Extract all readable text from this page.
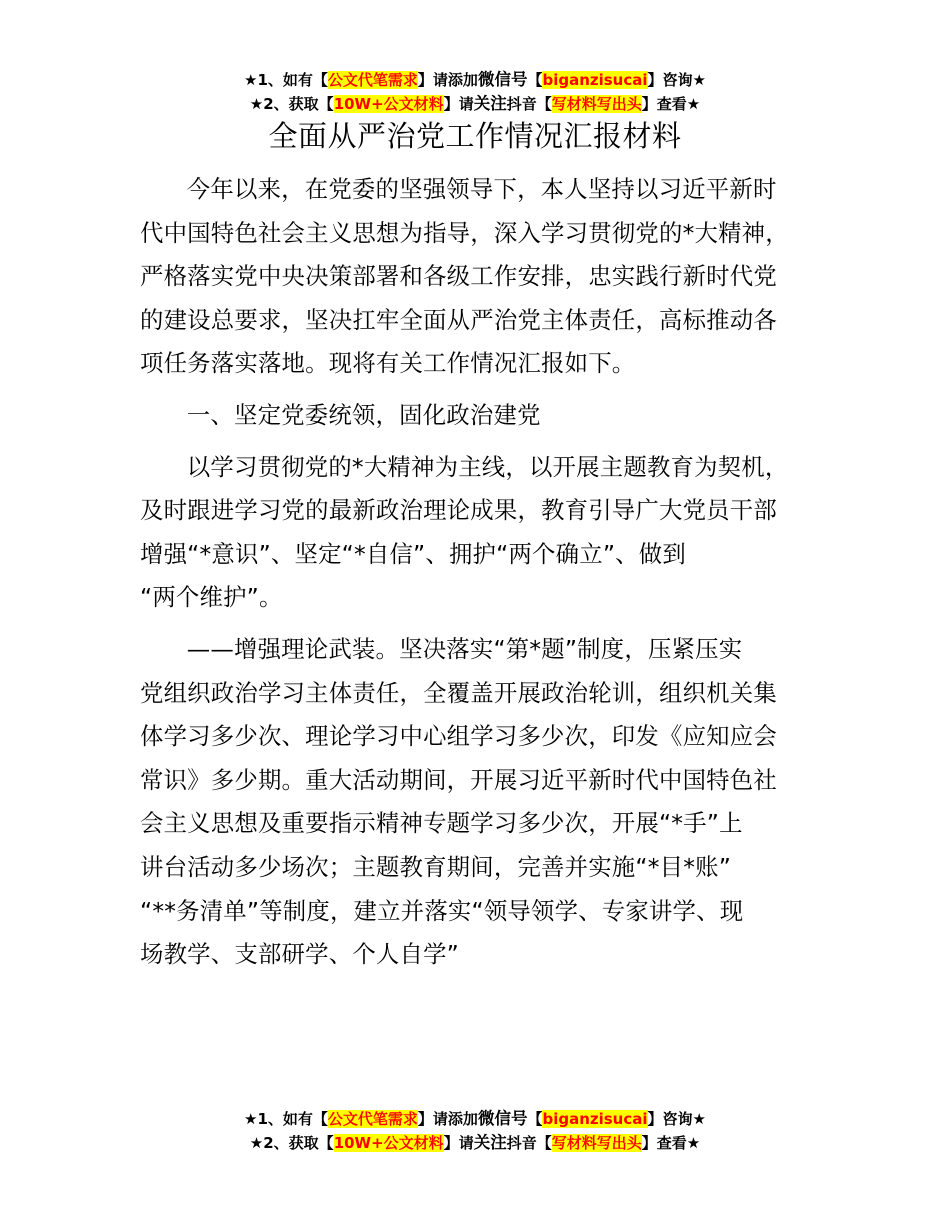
★1、如有【公文代笔需求】请添加微信号【biganzisucai】咨询★
★2、获取【10W+公文材料】请关注抖音【写材料写出头】查看★
全面从严治党工作情况汇报材料
今年以来，在党委的坚强领导下，本人坚持以习近平新时
代中国特色社会主义思想为指导，深入学习贯彻党的*大精神，
严格落实党中央决策部署和各级工作安排，忠实践行新时代党
的建设总要求，坚决扛牢全面从严治党主体责任，高标推动各
项任务落实落地。现将有关工作情况汇报如下。
一、坚定党委统领，固化政治建党
以学习贯彻党的*大精神为主线，以开展主题教育为契机，
及时跟进学习党的最新政治理论成果，教育引导广大党员干部
增强“*意识”、坚定“*自信”、拥护“两个确立”、做到
“两个维护”。
——增强理论武装。坚决落实“第*题”制度，压紧压实
党组织政治学习主体责任，全覆盖开展政治轮训，组织机关集
体学习多少次、理论学习中心组学习多少次，印发《应知应会
常识》多少期。重大活动期间，开展习近平新时代中国特色社
会主义思想及重要指示精神专题学习多少次，开展“*手”上
讲台活动多少场次；主题教育期间，完善并实施“*目*账”
“**务清单”等制度，建立并落实“领导领学、专家讲学、现
场教学、支部研学、个人自学”
★1、如有【公文代笔需求】请添加微信号【biganzisucai】咨询★
★2、获取【10W+公文材料】请关注抖音【写材料写出头】查看★
